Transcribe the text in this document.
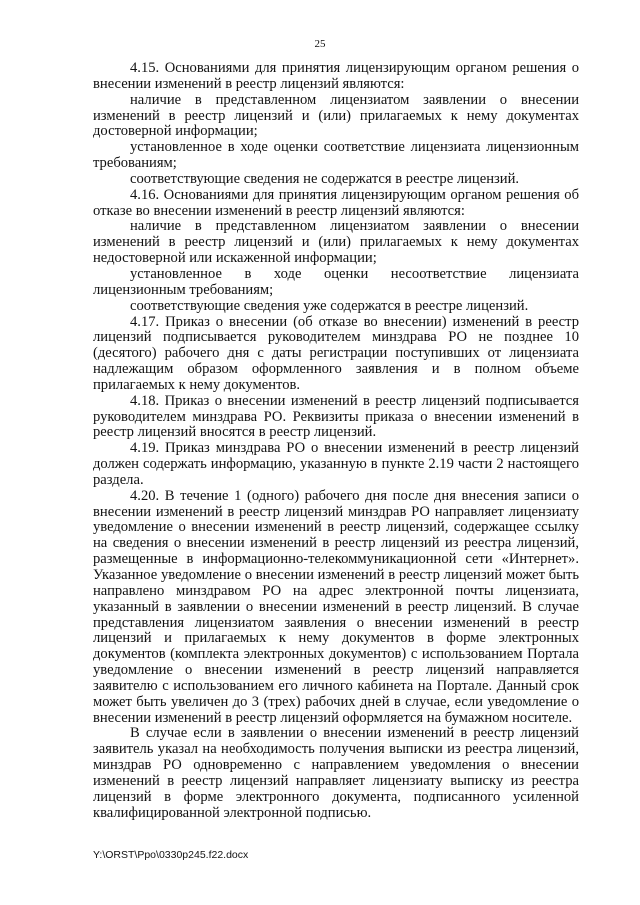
25

4.15. Основаниями для принятия лицензирующим органом решения о внесении изменений в реестр лицензий являются:

наличие в представленном лицензиатом заявлении о внесении изменений в реестр лицензий и (или) прилагаемых к нему документах достоверной информации;

установленное в ходе оценки соответствие лицензиата лицензионным требованиям;

соответствующие сведения не содержатся в реестре лицензий.

4.16. Основаниями для принятия лицензирующим органом решения об отказе во внесении изменений в реестр лицензий являются:

наличие в представленном лицензиатом заявлении о внесении изменений в реестр лицензий и (или) прилагаемых к нему документах недостоверной или искаженной информации;

установленное в ходе оценки несоответствие лицензиата лицензионным требованиям;

соответствующие сведения уже содержатся в реестре лицензий.

4.17. Приказ о внесении (об отказе во внесении) изменений в реестр лицензий подписывается руководителем минздрава РО не позднее 10 (десятого) рабочего дня с даты регистрации поступивших от лицензиата надлежащим образом оформленного заявления и в полном объеме прилагаемых к нему документов.

4.18. Приказ о внесении изменений в реестр лицензий подписывается руководителем минздрава РО. Реквизиты приказа о внесении изменений в реестр лицензий вносятся в реестр лицензий.

4.19. Приказ минздрава РО о внесении изменений в реестр лицензий должен содержать информацию, указанную в пункте 2.19 части 2 настоящего раздела.

4.20. В течение 1 (одного) рабочего дня после дня внесения записи о внесении изменений в реестр лицензий минздрав РО направляет лицензиату уведомление о внесении изменений в реестр лицензий, содержащее ссылку на сведения о внесении изменений в реестр лицензий из реестра лицензий, размещенные в информационно-телекоммуникационной сети «Интернет». Указанное уведомление о внесении изменений в реестр лицензий может быть направлено минздравом РО на адрес электронной почты лицензиата, указанный в заявлении о внесении изменений в реестр лицензий. В случае представления лицензиатом заявления о внесении изменений в реестр лицензий и прилагаемых к нему документов в форме электронных документов (комплекта электронных документов) с использованием Портала уведомление о внесении изменений в реестр лицензий направляется заявителю с использованием его личного кабинета на Портале. Данный срок может быть увеличен до 3 (трех) рабочих дней в случае, если уведомление о внесении изменений в реестр лицензий оформляется на бумажном носителе.

В случае если в заявлении о внесении изменений в реестр лицензий заявитель указал на необходимость получения выписки из реестра лицензий, минздрав РО одновременно с направлением уведомления о внесении изменений в реестр лицензий направляет лицензиату выписку из реестра лицензий в форме электронного документа, подписанного усиленной квалифицированной электронной подписью.

Y:\ORST\Ppo\0330p245.f22.docx
